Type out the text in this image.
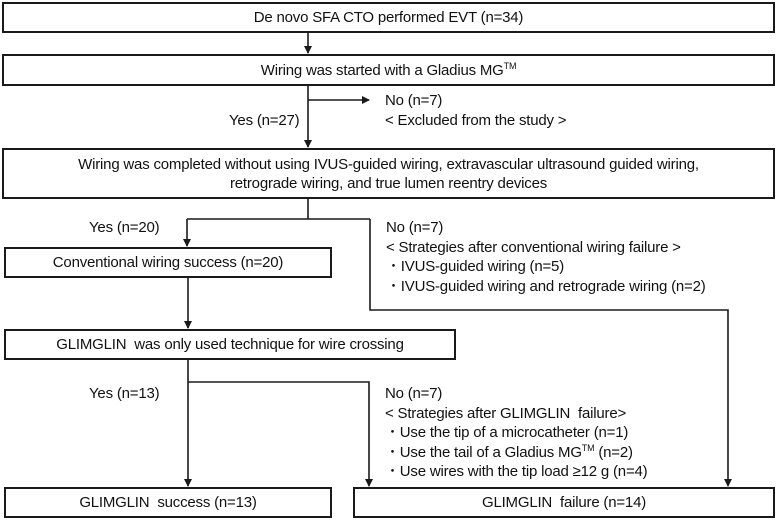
De novo SFA CTO performed EVT (n=34)
Wiring was started with a Gladius MG™
Yes (n=27)
No (n=7)
< Excluded from the study >
Wiring was completed without using IVUS-guided wiring, extravascular ultrasound guided wiring,
retrograde wiring, and true lumen reentry devices
Yes (n=20)	No (n=7)
< Strategies after conventional wiring failure >
・IVUS-guided wiring (n=5)
・IVUS-guided wiring and retrograde wiring (n=2)
Conventional wiring success (n=20)
GLIMGLIN  was only used technique for wire crossing
Yes (n=13)	No (n=7)
< Strategies after GLIMGLIN  failure>
・Use the tip of a microcatheter (n=1)
・Use the tail of a Gladius MG™ (n=2)
・Use wires with the tip load ≥12 g (n=4)
GLIMGLIN  success (n=13)	GLIMGLIN  failure (n=14)
